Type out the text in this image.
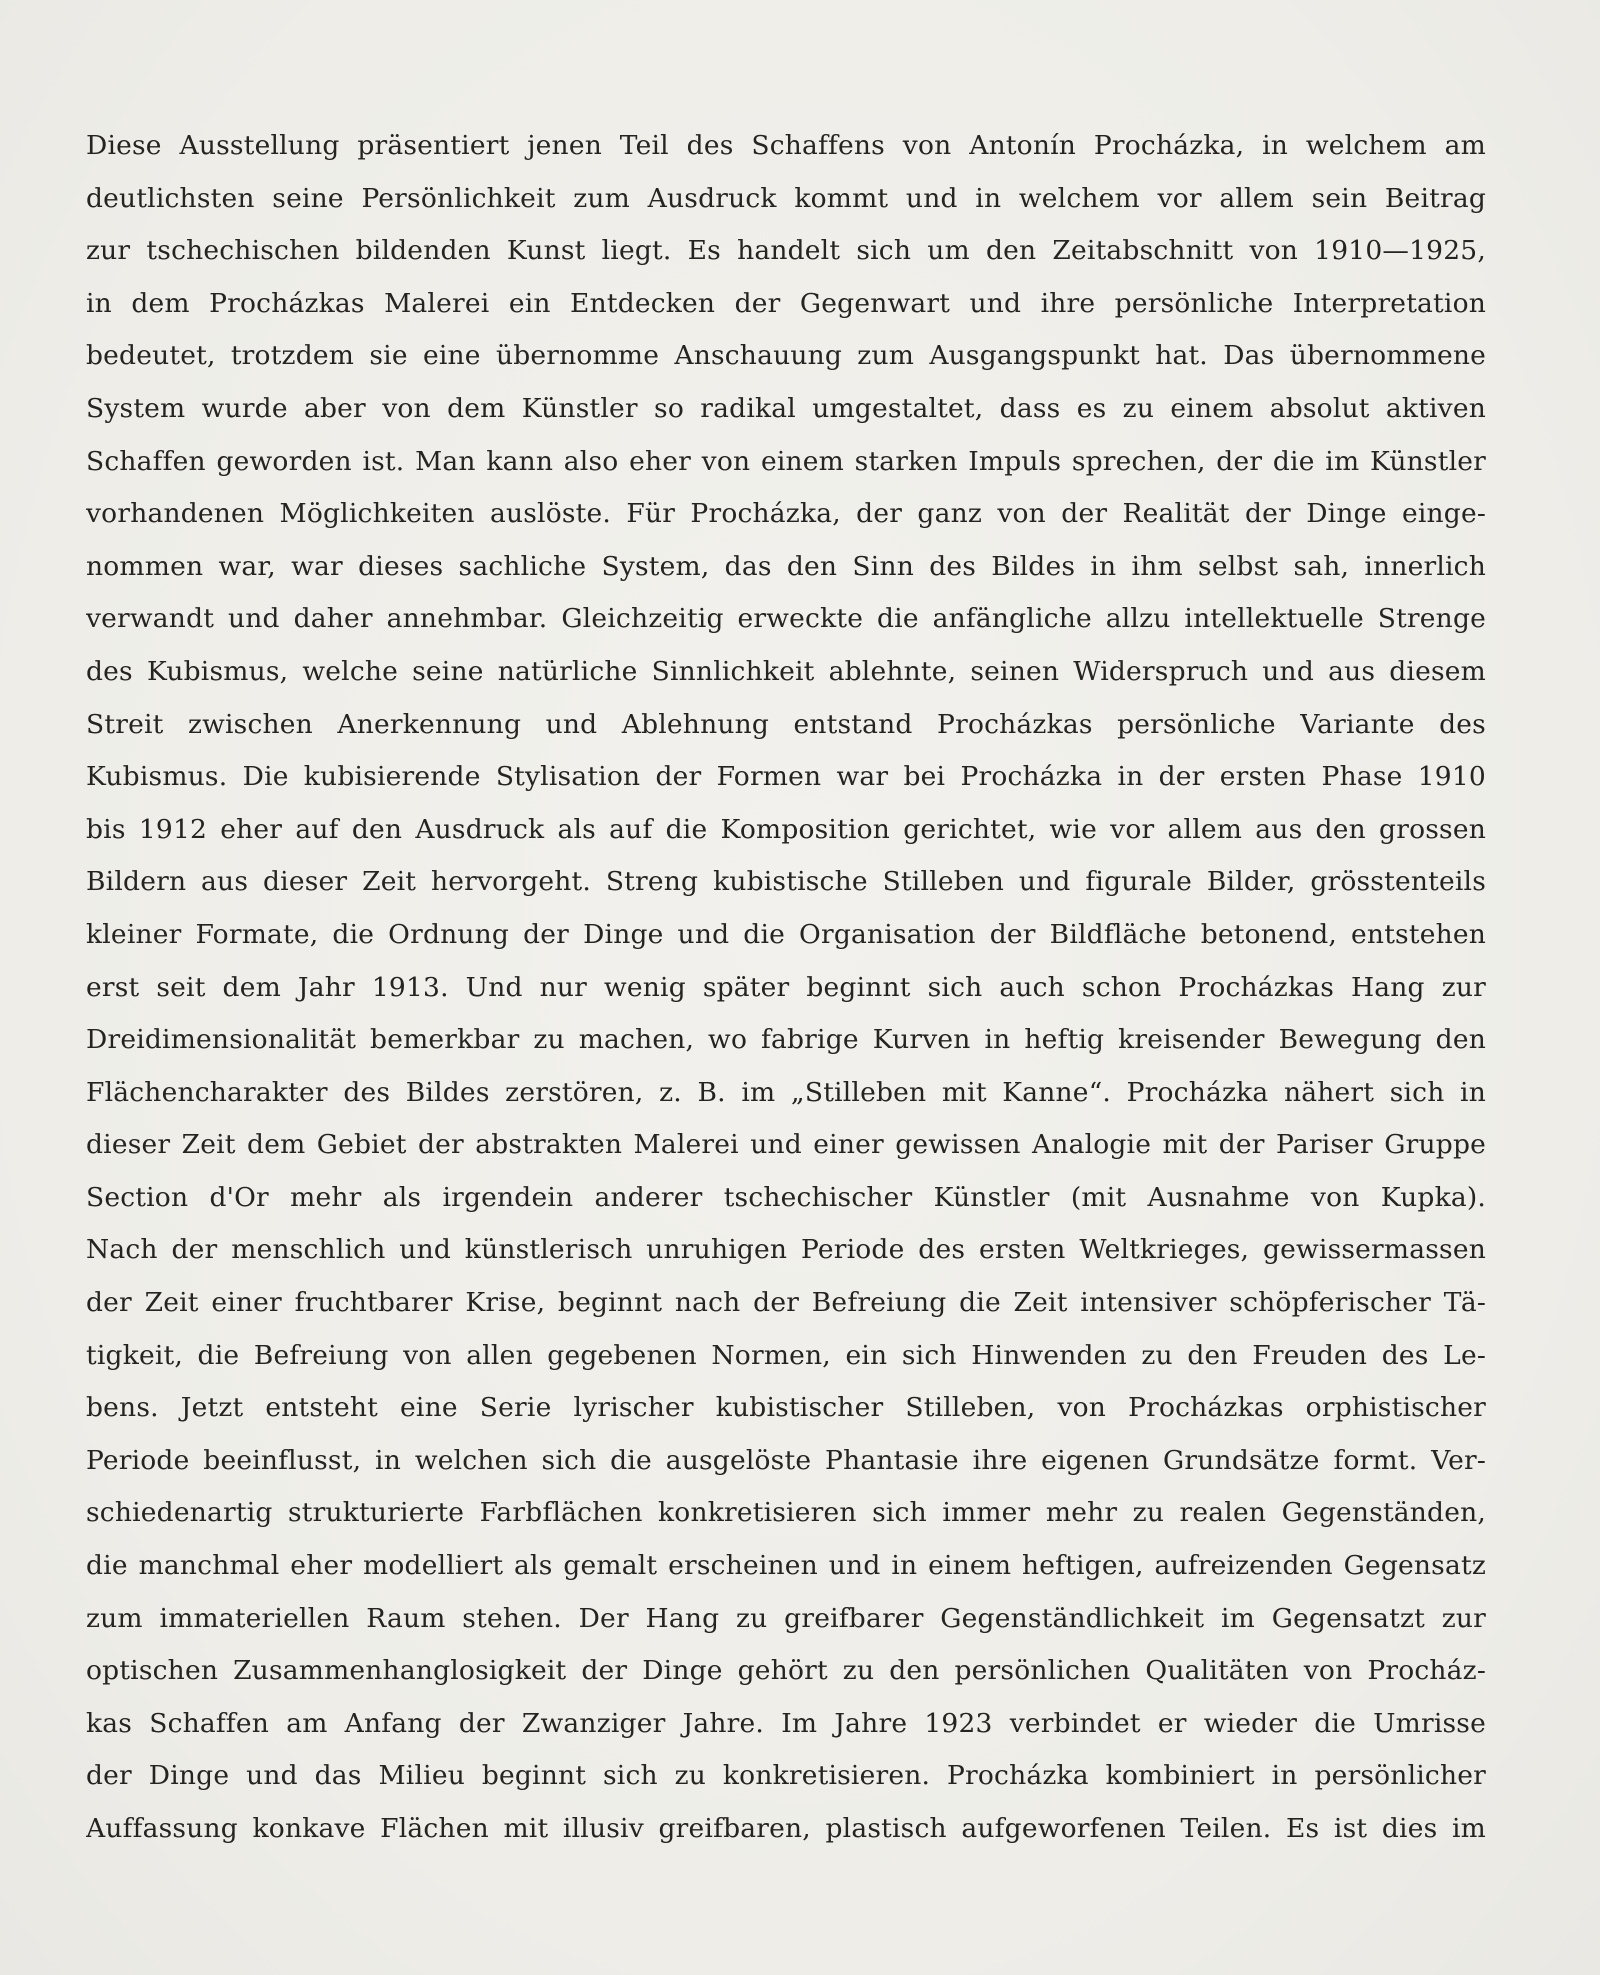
Diese Ausstellung präsentiert jenen Teil des Schaffens von Antonín Procházka, in welchem am
deutlichsten seine Persönlichkeit zum Ausdruck kommt und in welchem vor allem sein Beitrag
zur tschechischen bildenden Kunst liegt. Es handelt sich um den Zeitabschnitt von 1910—1925,
in dem Procházkas Malerei ein Entdecken der Gegenwart und ihre persönliche Interpretation
bedeutet, trotzdem sie eine übernomme Anschauung zum Ausgangspunkt hat. Das übernommene
System wurde aber von dem Künstler so radikal umgestaltet, dass es zu einem absolut aktiven
Schaffen geworden ist. Man kann also eher von einem starken Impuls sprechen, der die im Künstler
vorhandenen Möglichkeiten auslöste. Für Procházka, der ganz von der Realität der Dinge einge-
nommen war, war dieses sachliche System, das den Sinn des Bildes in ihm selbst sah, innerlich
verwandt und daher annehmbar. Gleichzeitig erweckte die anfängliche allzu intellektuelle Strenge
des Kubismus, welche seine natürliche Sinnlichkeit ablehnte, seinen Widerspruch und aus diesem
Streit zwischen Anerkennung und Ablehnung entstand Procházkas persönliche Variante des
Kubismus. Die kubisierende Stylisation der Formen war bei Procházka in der ersten Phase 1910
bis 1912 eher auf den Ausdruck als auf die Komposition gerichtet, wie vor allem aus den grossen
Bildern aus dieser Zeit hervorgeht. Streng kubistische Stilleben und figurale Bilder, grösstenteils
kleiner Formate, die Ordnung der Dinge und die Organisation der Bildfläche betonend, entstehen
erst seit dem Jahr 1913. Und nur wenig später beginnt sich auch schon Procházkas Hang zur
Dreidimensionalität bemerkbar zu machen, wo fabrige Kurven in heftig kreisender Bewegung den
Flächencharakter des Bildes zerstören, z. B. im „Stilleben mit Kanne“. Procházka nähert sich in
dieser Zeit dem Gebiet der abstrakten Malerei und einer gewissen Analogie mit der Pariser Gruppe
Section d'Or mehr als irgendein anderer tschechischer Künstler (mit Ausnahme von Kupka).
Nach der menschlich und künstlerisch unruhigen Periode des ersten Weltkrieges, gewissermassen
der Zeit einer fruchtbarer Krise, beginnt nach der Befreiung die Zeit intensiver schöpferischer Tä-
tigkeit, die Befreiung von allen gegebenen Normen, ein sich Hinwenden zu den Freuden des Le-
bens. Jetzt entsteht eine Serie lyrischer kubistischer Stilleben, von Procházkas orphistischer
Periode beeinflusst, in welchen sich die ausgelöste Phantasie ihre eigenen Grundsätze formt. Ver-
schiedenartig strukturierte Farbflächen konkretisieren sich immer mehr zu realen Gegenständen,
die manchmal eher modelliert als gemalt erscheinen und in einem heftigen, aufreizenden Gegensatz
zum immateriellen Raum stehen. Der Hang zu greifbarer Gegenständlichkeit im Gegensatzt zur
optischen Zusammenhanglosigkeit der Dinge gehört zu den persönlichen Qualitäten von Procház-
kas Schaffen am Anfang der Zwanziger Jahre. Im Jahre 1923 verbindet er wieder die Umrisse
der Dinge und das Milieu beginnt sich zu konkretisieren. Procházka kombiniert in persönlicher
Auffassung konkave Flächen mit illusiv greifbaren, plastisch aufgeworfenen Teilen. Es ist dies im
